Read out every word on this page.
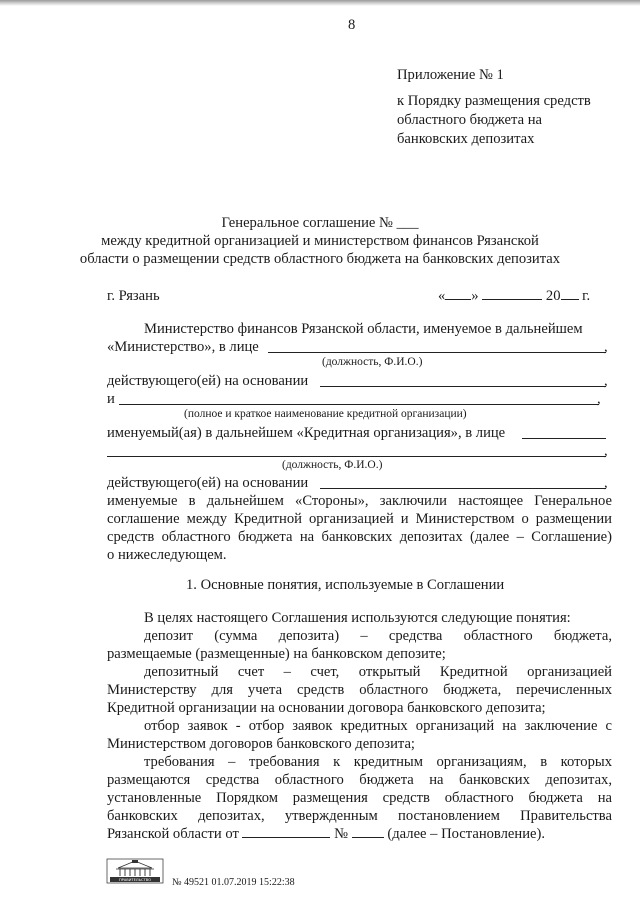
8
Приложение № 1
к Порядку размещения средств
областного бюджета на
банковских депозитах
Генеральное соглашение № ___
между кредитной организацией и министерством финансов Рязанской
области о размещении средств областного бюджета на банковских депозитах
г. Рязань	« »	20 г.
Министерство финансов Рязанской области, именуемое в дальнейшем
«Министерство», в лице	,
(должность, Ф.И.О.)
действующего(ей) на основании	,
и	,
(полное и краткое наименование кредитной организации)
именуемый(ая) в дальнейшем «Кредитная организация», в лице
,
(должность, Ф.И.О.)
действующего(ей) на основании	,
именуемые в дальнейшем «Стороны», заключили настоящее Генеральное
соглашение между Кредитной организацией и Министерством о размещении
средств областного бюджета на банковских депозитах (далее – Соглашение)
о нижеследующем.
1. Основные понятия, используемые в Соглашении
В целях настоящего Соглашения используются следующие понятия:
депозит (сумма депозита) – средства областного бюджета,
размещаемые (размещенные) на банковском депозите;
депозитный счет – счет, открытый Кредитной организацией
Министерству для учета средств областного бюджета, перечисленных
Кредитной организации на основании договора банковского депозита;
отбор заявок - отбор заявок кредитных организаций на заключение с
Министерством договоров банковского депозита;
требования – требования к кредитным организациям, в которых
размещаются средства областного бюджета на банковских депозитах,
установленные Порядком размещения средств областного бюджета на
банковских депозитах, утвержденным постановлением Правительства
Рязанской области от	№	(далее – Постановление).
ПРАВИТЕЛЬСТВО № 49521 01.07.2019 15:22:38
